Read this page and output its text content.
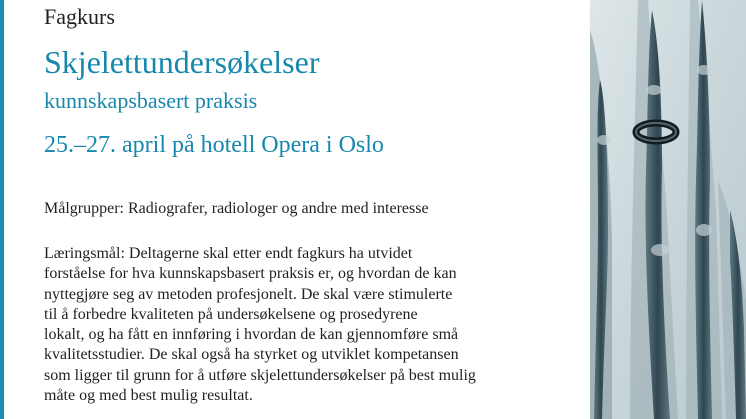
Fagkurs
Skjelettundersøkelser
kunnskapsbasert praksis
25.–27. april på hotell Opera i Oslo
Målgrupper: Radiografer, radiologer og andre med interesse
Læringsmål: Deltagerne skal etter endt fagkurs ha utvidet
forståelse for hva kunnskapsbasert praksis er, og hvordan de kan
nyttegjøre seg av metoden profesjonelt. De skal være stimulerte
til å forbedre kvaliteten på undersøkelsene og prosedyrene
lokalt, og ha fått en innføring i hvordan de kan gjennomføre små
kvalitetsstudier. De skal også ha styrket og utviklet kompetansen
som ligger til grunn for å utføre skjelettundersøkelser på best mulig
måte og med best mulig resultat.
